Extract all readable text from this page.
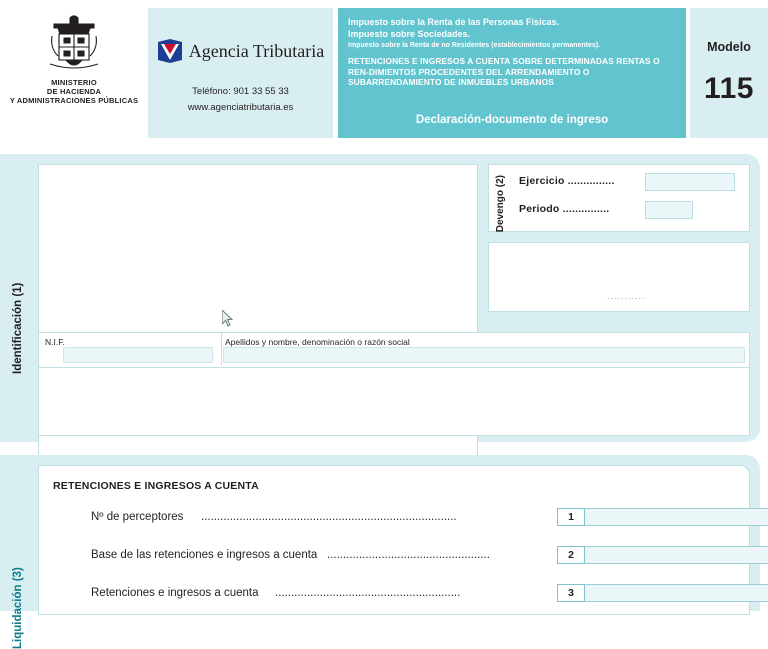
MINISTERIO
DE HACIENDA
Y ADMINISTRACIONES PÚBLICAS
Agencia Tributaria
Teléfono: 901 33 55 33
www.agenciatributaria.es
Impuesto sobre la Renta de las Personas Físicas.
Impuesto sobre Sociedades.
Impuesto sobre la Renta de no Residentes (establecimientos permanentes).
RETENCIONES E INGRESOS A CUENTA SOBRE DETERMINADAS RENTAS O REN-DIMIENTOS PROCEDENTES DEL ARRENDAMIENTO O SUBARRENDAMIENTO DE INMUEBLES URBANOS
Declaración-documento de ingreso
Modelo
115
Identificación (1)
Devengo (2) Ejercicio ...............
Periodo ...............
...........
N.I.F.	Apellidos y nombre, denominación o razón social
Liquidación (3)
RETENCIONES E INGRESOS A CUENTA
Nº de perceptores ................................................................................	1
Base de las retenciones e ingresos a cuenta ...................................................	2
Retenciones e ingresos a cuenta ..........................................................	3
